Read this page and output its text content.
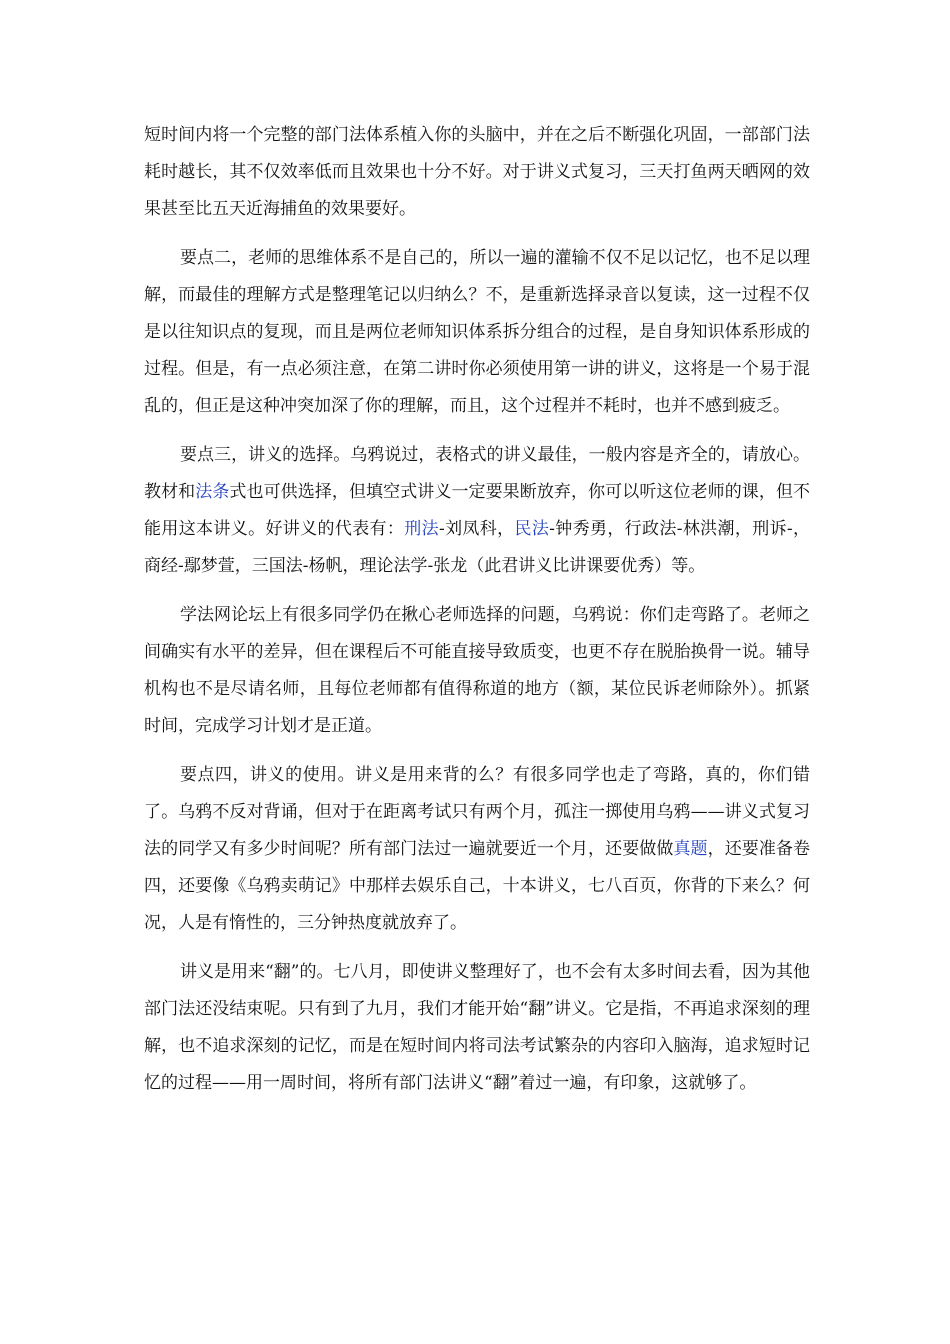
短时间内将一个完整的部门法体系植入你的头脑中，并在之后不断强化巩固，一部部门法耗时越长，其不仅效率低而且效果也十分不好。对于讲义式复习，三天打鱼两天晒网的效果甚至比五天近海捕鱼的效果要好。

要点二，老师的思维体系不是自己的，所以一遍的灌输不仅不足以记忆，也不足以理解，而最佳的理解方式是整理笔记以归纳么？不，是重新选择录音以复读，这一过程不仅是以往知识点的复现，而且是两位老师知识体系拆分组合的过程，是自身知识体系形成的过程。但是，有一点必须注意，在第二讲时你必须使用第一讲的讲义，这将是一个易于混乱的，但正是这种冲突加深了你的理解，而且，这个过程并不耗时，也并不感到疲乏。

要点三，讲义的选择。乌鸦说过，表格式的讲义最佳，一般内容是齐全的，请放心。教材和法条式也可供选择，但填空式讲义一定要果断放弃，你可以听这位老师的课，但不能用这本讲义。好讲义的代表有：刑法-刘凤科，民法-钟秀勇，行政法-林洪潮，刑诉-，商经-鄢梦萱，三国法-杨帆，理论法学-张龙（此君讲义比讲课要优秀）等。

学法网论坛上有很多同学仍在揪心老师选择的问题，乌鸦说：你们走弯路了。老师之间确实有水平的差异，但在课程后不可能直接导致质变，也更不存在脱胎换骨一说。辅导机构也不是尽请名师，且每位老师都有值得称道的地方（额，某位民诉老师除外）。抓紧时间，完成学习计划才是正道。

要点四，讲义的使用。讲义是用来背的么？有很多同学也走了弯路，真的，你们错了。乌鸦不反对背诵，但对于在距离考试只有两个月，孤注一掷使用乌鸦——讲义式复习法的同学又有多少时间呢？所有部门法过一遍就要近一个月，还要做做真题，还要准备卷四，还要像《乌鸦卖萌记》中那样去娱乐自己，十本讲义，七八百页，你背的下来么？何况，人是有惰性的，三分钟热度就放弃了。

讲义是用来“翻”的。七八月，即使讲义整理好了，也不会有太多时间去看，因为其他部门法还没结束呢。只有到了九月，我们才能开始“翻”讲义。它是指，不再追求深刻的理解，也不追求深刻的记忆，而是在短时间内将司法考试繁杂的内容印入脑海，追求短时记忆的过程——用一周时间，将所有部门法讲义“翻”着过一遍，有印象，这就够了。
